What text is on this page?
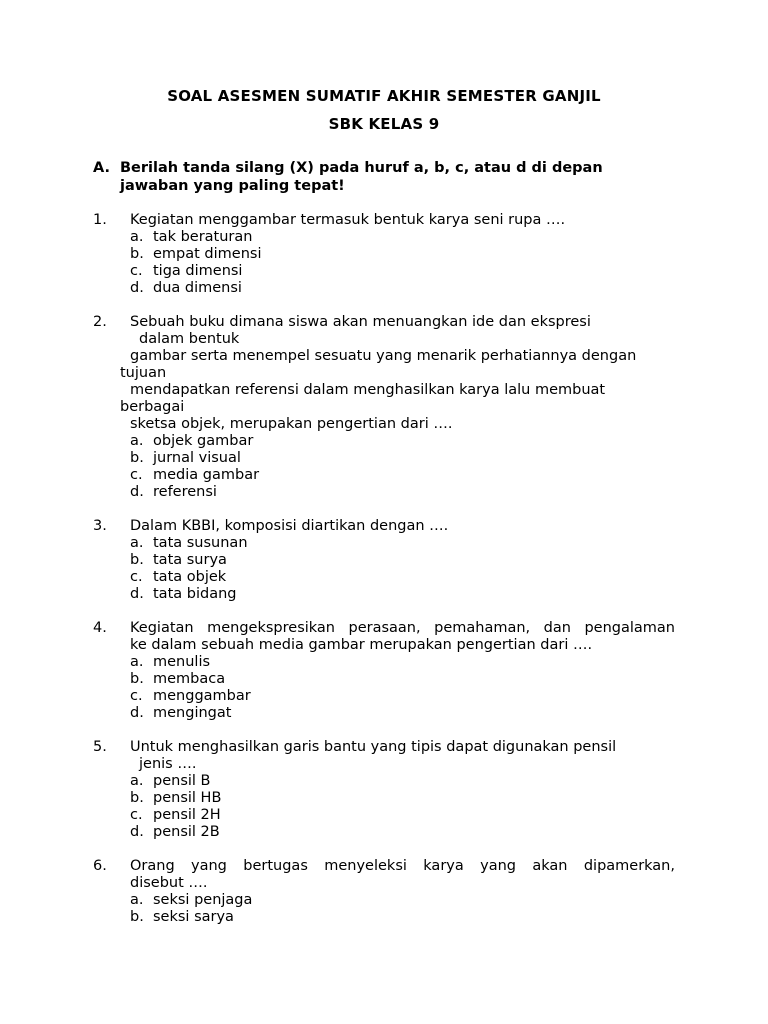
SOAL ASESMEN SUMATIF AKHIR SEMESTER GANJIL
SBK KELAS 9
A. Berilah tanda silang (X) pada huruf a, b, c, atau d di depan
jawaban yang paling tepat!
1. Kegiatan menggambar termasuk bentuk karya seni rupa ….
a. tak beraturan
b. empat dimensi
c. tiga dimensi
d. dua dimensi
2. Sebuah buku dimana siswa akan menuangkan ide dan ekspresi
dalam bentuk
gambar serta menempel sesuatu yang menarik perhatiannya dengan
tujuan
mendapatkan referensi dalam menghasilkan karya lalu membuat
berbagai
sketsa objek, merupakan pengertian dari ….
a. objek gambar
b. jurnal visual
c. media gambar
d. referensi
3. Dalam KBBI, komposisi diartikan dengan ….
a. tata susunan
b. tata surya
c. tata objek
d. tata bidang
4. Kegiatan mengekspresikan perasaan, pemahaman, dan pengalaman
ke dalam sebuah media gambar merupakan pengertian dari ….
a. menulis
b. membaca
c. menggambar
d. mengingat
5. Untuk menghasilkan garis bantu yang tipis dapat digunakan pensil
jenis ….
a. pensil B
b. pensil HB
c. pensil 2H
d. pensil 2B
6. Orang yang bertugas menyeleksi karya yang akan dipamerkan,
disebut ….
a. seksi penjaga
b. seksi sarya
